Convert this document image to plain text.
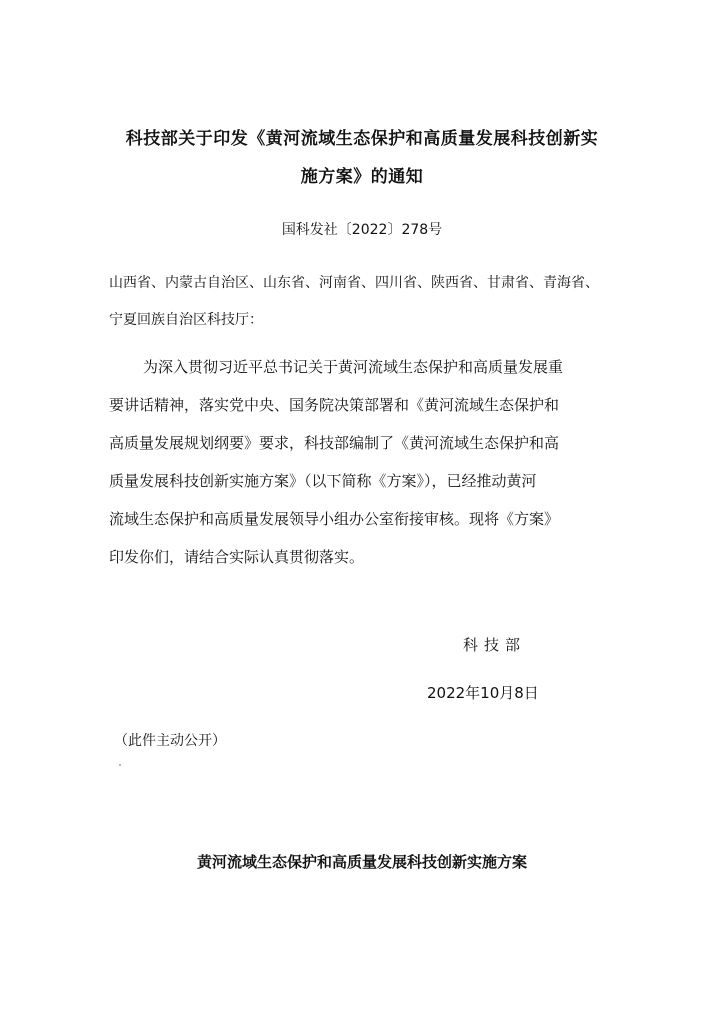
科技部关于印发《黄河流域生态保护和高质量发展科技创新实
施方案》的通知
国科发社〔2022〕278号
山西省、内蒙古自治区、山东省、河南省、四川省、陕西省、甘肃省、青海省、
宁夏回族自治区科技厅：
为深入贯彻习近平总书记关于黄河流域生态保护和高质量发展重
要讲话精神，落实党中央、国务院决策部署和《黄河流域生态保护和
高质量发展规划纲要》要求，科技部编制了《黄河流域生态保护和高
质量发展科技创新实施方案》（以下简称《方案》），已经推动黄河
流域生态保护和高质量发展领导小组办公室衔接审核。现将《方案》
印发你们，请结合实际认真贯彻落实。
科技部
2022年10月8日
（此件主动公开）
黄河流域生态保护和高质量发展科技创新实施方案
